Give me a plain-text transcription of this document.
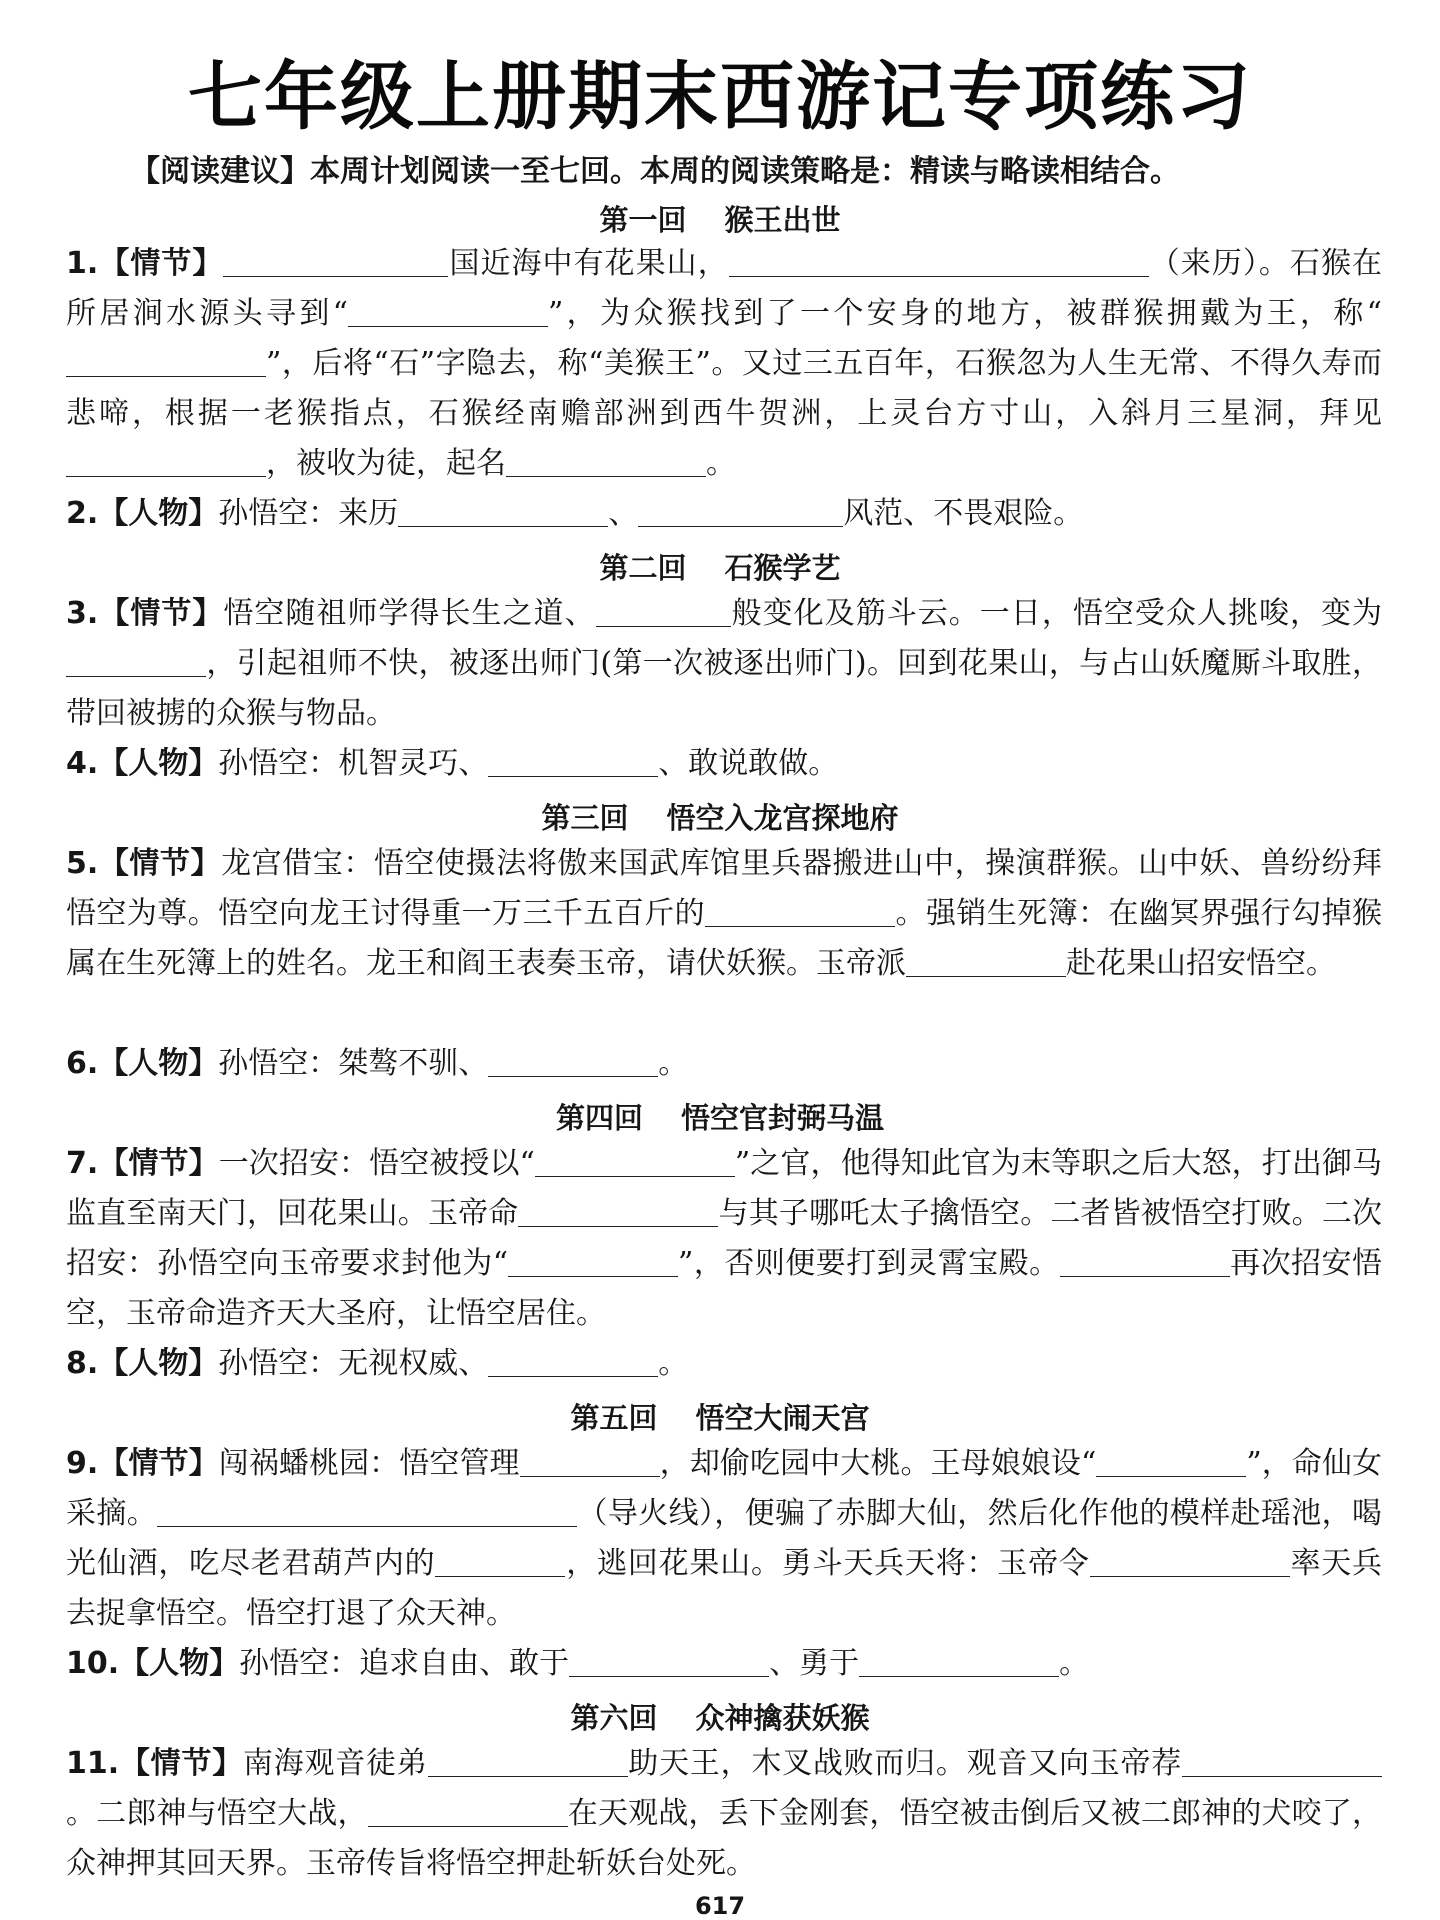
七年级上册期末西游记专项练习
【阅读建议】本周计划阅读一至七回。本周的阅读策略是：精读与略读相结合。
第一回 猴王出世
1.【情节】	国近海中有花果山，	（来历）。石猴在所居涧水源头寻到“	”，为众猴找到了一个安身的地方，被群猴拥戴为王，称“”，后将“石”字隐去，称“美猴王”。又过三五百年，石猴忽为人生无常、不得久寿而悲啼，根据一老猴指点，石猴经南赡部洲到西牛贺洲，上灵台方寸山，入斜月三星洞，拜见，被收为徒，起名	。
2.【人物】孙悟空：来历	、	风范、不畏艰险。
第二回 石猴学艺
3.【情节】悟空随祖师学得长生之道、	般变化及筋斗云。一日，悟空受众人挑唆，变为，引起祖师不快，被逐出师门(第一次被逐出师门)。回到花果山，与占山妖魔厮斗取胜，带回被掳的众猴与物品。
4.【人物】孙悟空：机智灵巧、	、敢说敢做。
第三回 悟空入龙宫探地府
5.【情节】龙宫借宝：悟空使摄法将傲来国武库馆里兵器搬进山中，操演群猴。山中妖、兽纷纷拜悟空为尊。悟空向龙王讨得重一万三千五百斤的	。强销生死簿：在幽冥界强行勾掉猴属在生死簿上的姓名。龙王和阎王表奏玉帝，请伏妖猴。玉帝派	赴花果山招安悟空。
6.【人物】孙悟空：桀骜不驯、	。
第四回 悟空官封弼马温
7.【情节】一次招安：悟空被授以“	”之官，他得知此官为末等职之后大怒，打出御马监直至南天门，回花果山。玉帝命	与其子哪吒太子擒悟空。二者皆被悟空打败。二次招安：孙悟空向玉帝要求封他为“	”，否则便要打到灵霄宝殿。	再次招安悟空，玉帝命造齐天大圣府，让悟空居住。
8.【人物】孙悟空：无视权威、	。
第五回 悟空大闹天宫
9.【情节】闯祸蟠桃园：悟空管理	，却偷吃园中大桃。王母娘娘设“	”，命仙女采摘。	（导火线），便骗了赤脚大仙，然后化作他的模样赴瑶池，喝光仙酒，吃尽老君葫芦内的	，逃回花果山。勇斗天兵天将：玉帝令	率天兵去捉拿悟空。悟空打退了众天神。
10.【人物】孙悟空：追求自由、敢于	、勇于	。
第六回 众神擒获妖猴
11.【情节】南海观音徒弟	助天王，木叉战败而归。观音又向玉帝荐。二郎神与悟空大战，	在天观战，丢下金刚套，悟空被击倒后又被二郎神的犬咬了，众神押其回天界。玉帝传旨将悟空押赴斩妖台处死。
617
